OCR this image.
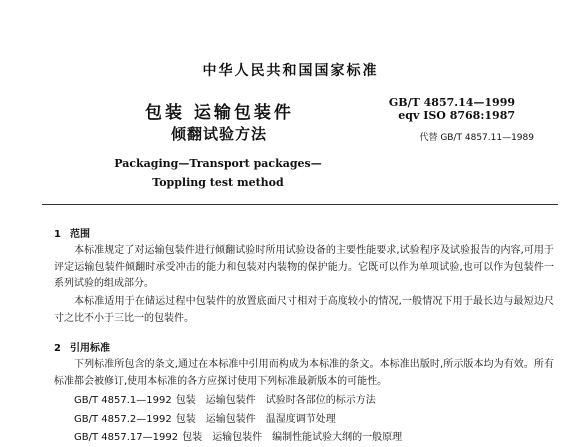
中华人民共和国国家标准
包装 运输包装件
倾翻试验方法
GB/T 4857.14—1999
eqv ISO 8768:1987
代替 GB/T 4857.11—1989
Packaging—Transport packages—
Toppling test method
1 范围
本标准规定了对运输包装件进行倾翻试验时所用试验设备的主要性能要求,试验程序及试验报告的内容,可用于评定运输包装件倾翻时承受冲击的能力和包装对内装物的保护能力。它既可以作为单项试验,也可以作为包装件一系列试验的组成部分。
本标准适用于在储运过程中包装件的放置底面尺寸相对于高度较小的情况,一般情况下用于最长边与最短边尺寸之比不小于三比一的包装件。
2 引用标准
下列标准所包含的条文,通过在本标准中引用而构成为本标准的条文。本标准出版时,所示版本均为有效。所有标准都会被修订,使用本标准的各方应探讨使用下列标准最新版本的可能性。
GB/T 4857.1—1992 包装 运输包装件 试验时各部位的标示方法
GB/T 4857.2—1992 包装 运输包装件 温湿度调节处理
GB/T 4857.17—1992 包装 运输包装件 编制性能试验大纲的一般原理
